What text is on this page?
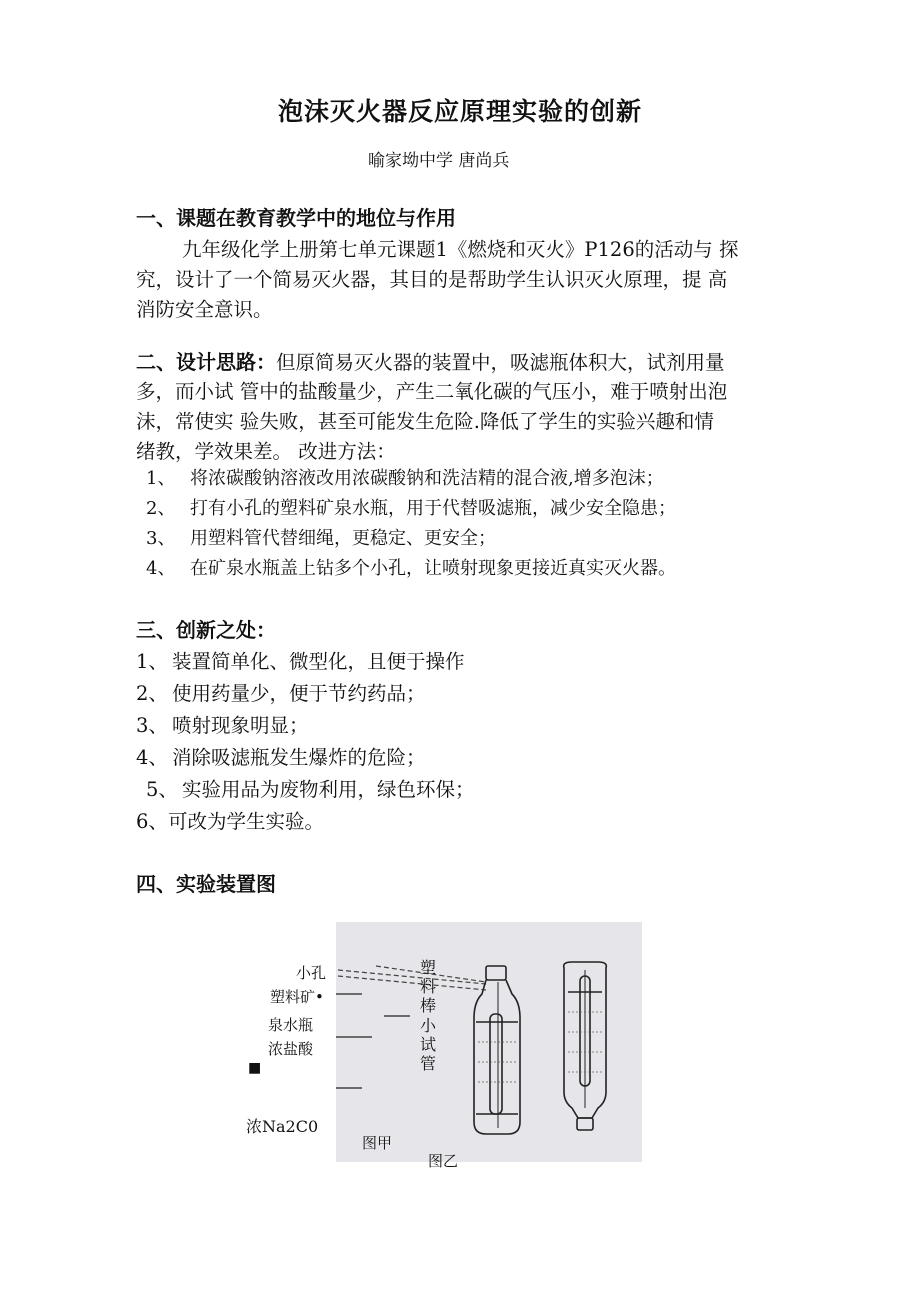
泡沫灭火器反应原理实验的创新
喻家坳中学 唐尚兵
一、课题在教育教学中的地位与作用
九年级化学上册第七单元课题1《燃烧和灭火》P126的活动与 探
究，设计了一个简易灭火器，其目的是帮助学生认识灭火原理，提 高
消防安全意识。
二、设计思路：但原简易灭火器的装置中，吸滤瓶体积大，试剂用量
多，而小试 管中的盐酸量少，产生二氧化碳的气压小，难于喷射出泡
沫，常使实 验失败，甚至可能发生危险.降低了学生的实验兴趣和情
绪教，学效果差。 改进方法：
1、 将浓碳酸钠溶液改用浓碳酸钠和洗洁精的混合液,增多泡沫；
2、 打有小孔的塑料矿泉水瓶，用于代替吸滤瓶，减少安全隐患；
3、 用塑料管代替细绳，更稳定、更安全；
4、 在矿泉水瓶盖上钻多个小孔，让喷射现象更接近真实灭火器。
三、创新之处：
1、 装置简单化、微型化，且便于操作
2、 使用药量少，便于节约药品；
3、 喷射现象明显；
4、 消除吸滤瓶发生爆炸的危险；
5、 实验用品为废物利用，绿色环保；
6、 可改为学生实验。
四、实验装置图
塑料棒
小试管
图甲
小孔
塑料矿•
泉水瓶
浓盐酸
■
浓Na2C0
图乙
